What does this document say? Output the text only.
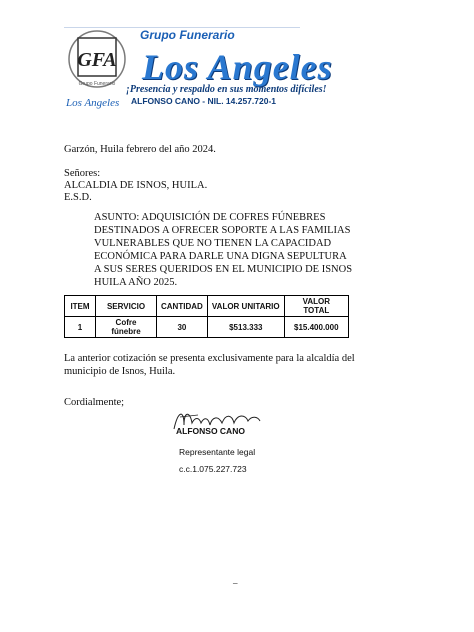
GFA
Grupo Funerario
Grupo Funerario
Los Angeles
¡Presencia y respaldo en sus momentos difíciles!
ALFONSO CANO - NIL. 14.257.720-1
Los Angeles
Garzón, Huila febrero del año 2024.
Señores:
ALCALDIA DE ISNOS, HUILA.
E.S.D.
ASUNTO: ADQUISICIÓN DE COFRES FÚNEBRES
DESTINADOS A OFRECER SOPORTE A LAS FAMILIAS
VULNERABLES QUE NO TIENEN LA CAPACIDAD
ECONÓMICA PARA DARLE UNA DIGNA SEPULTURA
A SUS SERES QUERIDOS EN EL MUNICIPIO DE ISNOS
HUILA AÑO 2025.
ITEM	SERVICIO	CANTIDAD	VALOR UNITARIO	VALOR TOTAL
1	Cofre fúnebre	30	$513.333	$15.400.000
La anterior cotización se presenta exclusivamente para la alcaldía del municipio de Isnos, Huila.
Cordialmente;
ALFONSO CANO
Representante legal
c.c.1.075.227.723
–
